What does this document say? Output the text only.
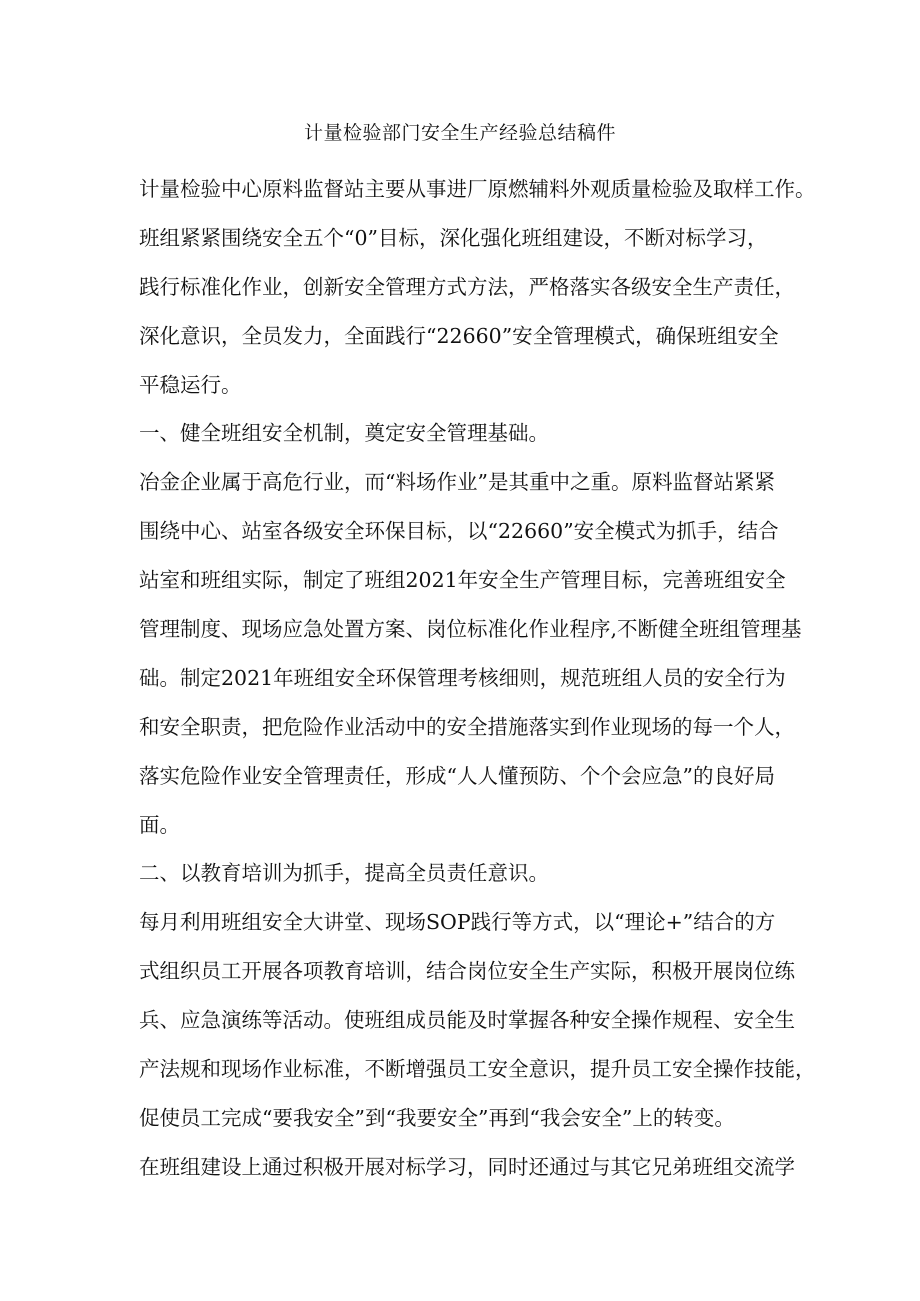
计量检验部门安全生产经验总结稿件
计量检验中心原料监督站主要从事进厂原燃辅料外观质量检验及取样工作。
班组紧紧围绕安全五个“0”目标，深化强化班组建设，不断对标学习，
践行标准化作业，创新安全管理方式方法，严格落实各级安全生产责任，
深化意识，全员发力，全面践行“22660”安全管理模式，确保班组安全
平稳运行。
一、健全班组安全机制，奠定安全管理基础。
冶金企业属于高危行业，而“料场作业”是其重中之重。原料监督站紧紧
围绕中心、站室各级安全环保目标，以“22660”安全模式为抓手，结合
站室和班组实际，制定了班组2021年安全生产管理目标，完善班组安全
管理制度、现场应急处置方案、岗位标准化作业程序,不断健全班组管理基
础。制定2021年班组安全环保管理考核细则，规范班组人员的安全行为
和安全职责，把危险作业活动中的安全措施落实到作业现场的每一个人，
落实危险作业安全管理责任，形成“人人懂预防、个个会应急”的良好局
面。
二、以教育培训为抓手，提高全员责任意识。
每月利用班组安全大讲堂、现场SOP践行等方式，以“理论+”结合的方
式组织员工开展各项教育培训，结合岗位安全生产实际，积极开展岗位练
兵、应急演练等活动。使班组成员能及时掌握各种安全操作规程、安全生
产法规和现场作业标准，不断增强员工安全意识，提升员工安全操作技能，
促使员工完成“要我安全”到“我要安全”再到“我会安全”上的转变。
在班组建设上通过积极开展对标学习，同时还通过与其它兄弟班组交流学
